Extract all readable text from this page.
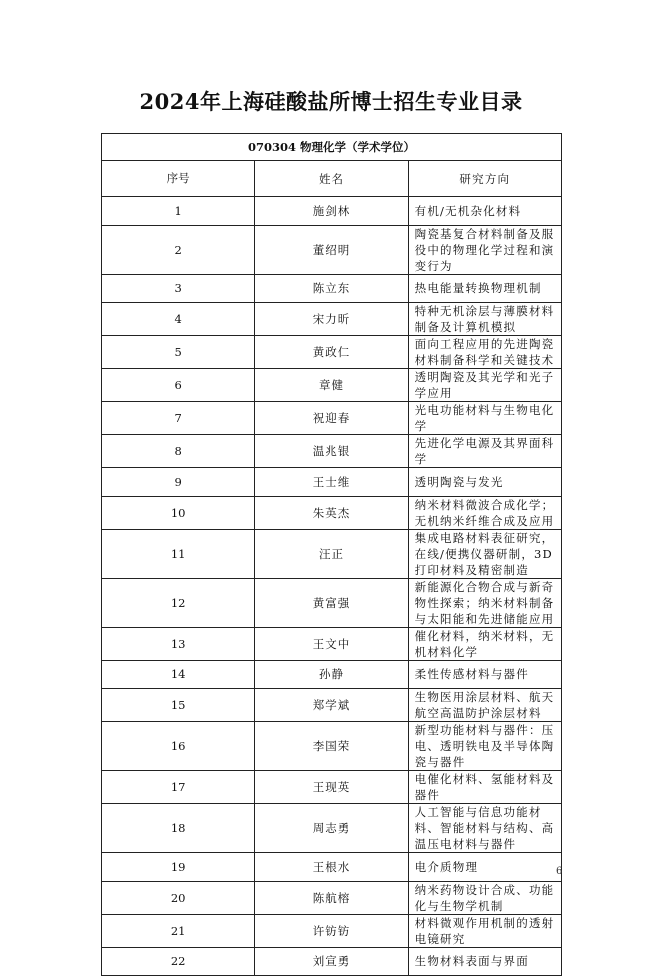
2024年上海硅酸盐所博士招生专业目录
070304 物理化学（学术学位）		
序号	姓名	研究方向
1	施剑林	有机/无机杂化材料
2	董绍明	陶瓷基复合材料制备及服役中的物理化学过程和演变行为
3	陈立东	热电能量转换物理机制
4	宋力昕	特种无机涂层与薄膜材料制备及计算机模拟
5	黄政仁	面向工程应用的先进陶瓷材料制备科学和关键技术
6	章健	透明陶瓷及其光学和光子学应用
7	祝迎春	光电功能材料与生物电化学
8	温兆银	先进化学电源及其界面科学
9	王士维	透明陶瓷与发光
10	朱英杰	纳米材料微波合成化学；无机纳米纤维合成及应用
11	汪正	集成电路材料表征研究，在线/便携仪器研制，3D打印材料及精密制造
12	黄富强	新能源化合物合成与新奇物性探索；纳米材料制备与太阳能和先进储能应用
13	王文中	催化材料，纳米材料，无机材料化学
14	孙静	柔性传感材料与器件
15	郑学斌	生物医用涂层材料、航天航空高温防护涂层材料
16	李国荣	新型功能材料与器件：压电、透明铁电及半导体陶瓷与器件
17	王现英	电催化材料、氢能材料及器件
18	周志勇	人工智能与信息功能材料、智能材料与结构、高温压电材料与器件
19	王根水	电介质物理
20	陈航榕	纳米药物设计合成、功能化与生物学机制
21	许钫钫	材料微观作用机制的透射电镜研究
22	刘宣勇	生物材料表面与界面
6
